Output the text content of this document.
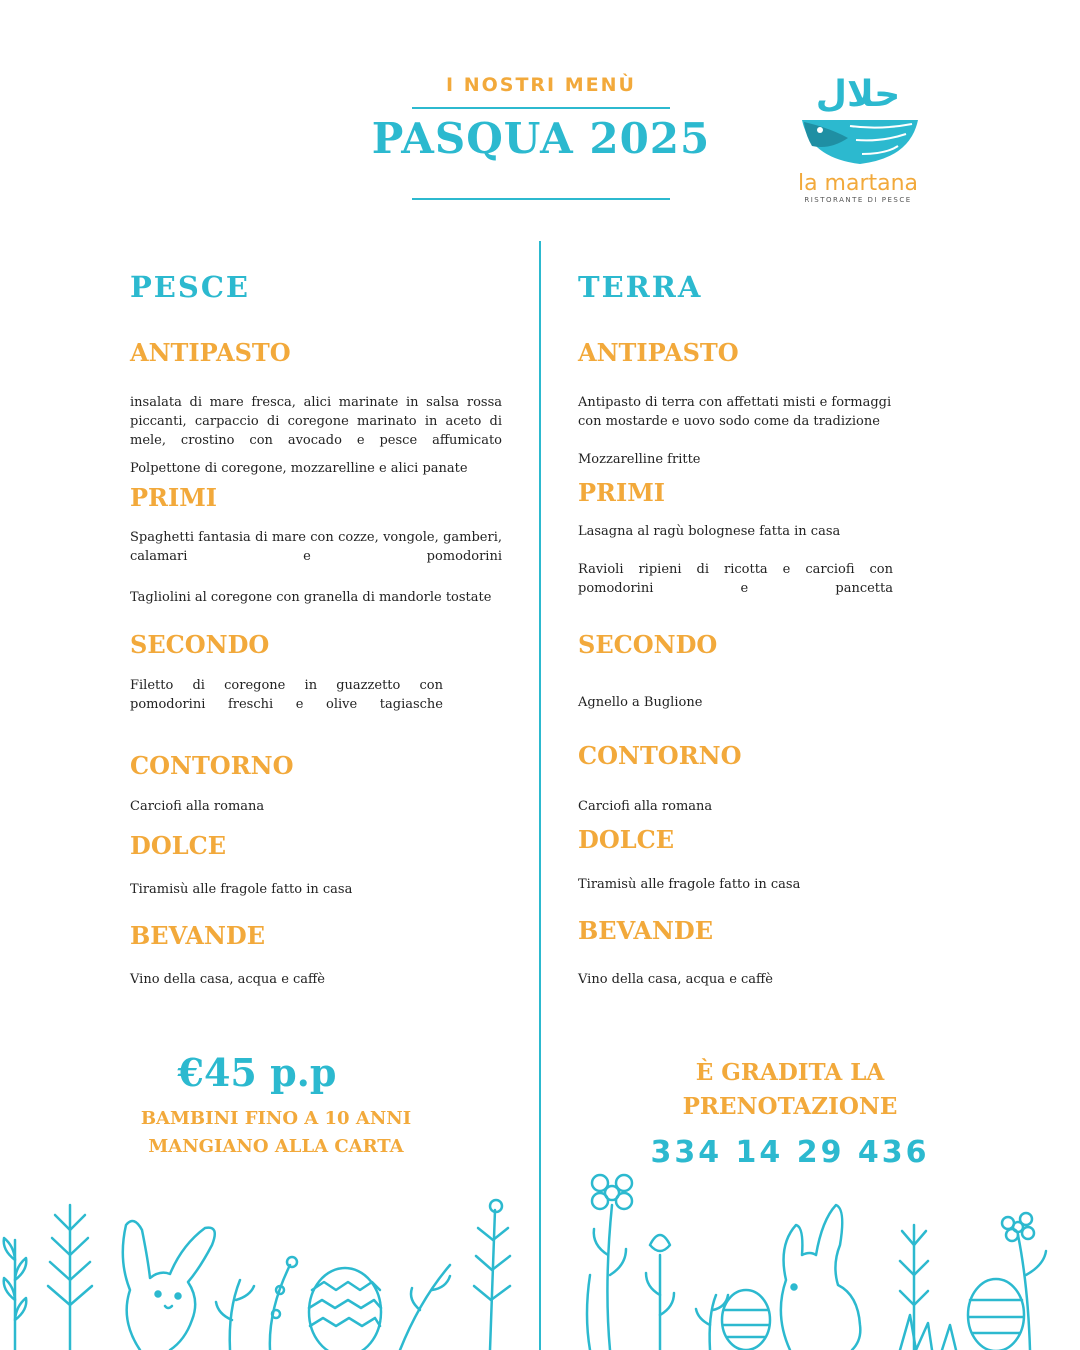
I NOSTRI MENÙ
PASQUA 2025
حلال
la martana
RISTORANTE DI PESCE
PESCE
ANTIPASTO
insalata di mare fresca, alici marinate in salsa rossa piccanti, carpaccio di coregone marinato in aceto di mele, crostino con avocado e pesce affumicato
Polpettone di coregone, mozzarelline e alici panate
PRIMI
Spaghetti fantasia di mare con cozze, vongole, gamberi, calamari e pomodorini
Tagliolini al coregone con granella di mandorle tostate
SECONDO
Filetto di coregone in guazzetto con pomodorini freschi e olive tagiasche
CONTORNO
Carciofi alla romana
DOLCE
Tiramisù alle fragole fatto in casa
BEVANDE
Vino della casa, acqua e caffè
TERRA
ANTIPASTO
Antipasto di terra con affettati misti e formaggi con mostarde e uovo sodo come da tradizione
Mozzarelline fritte
PRIMI
Lasagna al ragù bolognese fatta in casa
Ravioli ripieni di ricotta e carciofi con pomodorini e pancetta
SECONDO
Agnello a Buglione
CONTORNO
Carciofi alla romana
DOLCE
Tiramisù alle fragole fatto in casa
BEVANDE
Vino della casa, acqua e caffè
€45 p.p
BAMBINI FINO A 10 ANNI
MANGIANO ALLA CARTA
È GRADITA LA
PRENOTAZIONE
334 14 29 436
